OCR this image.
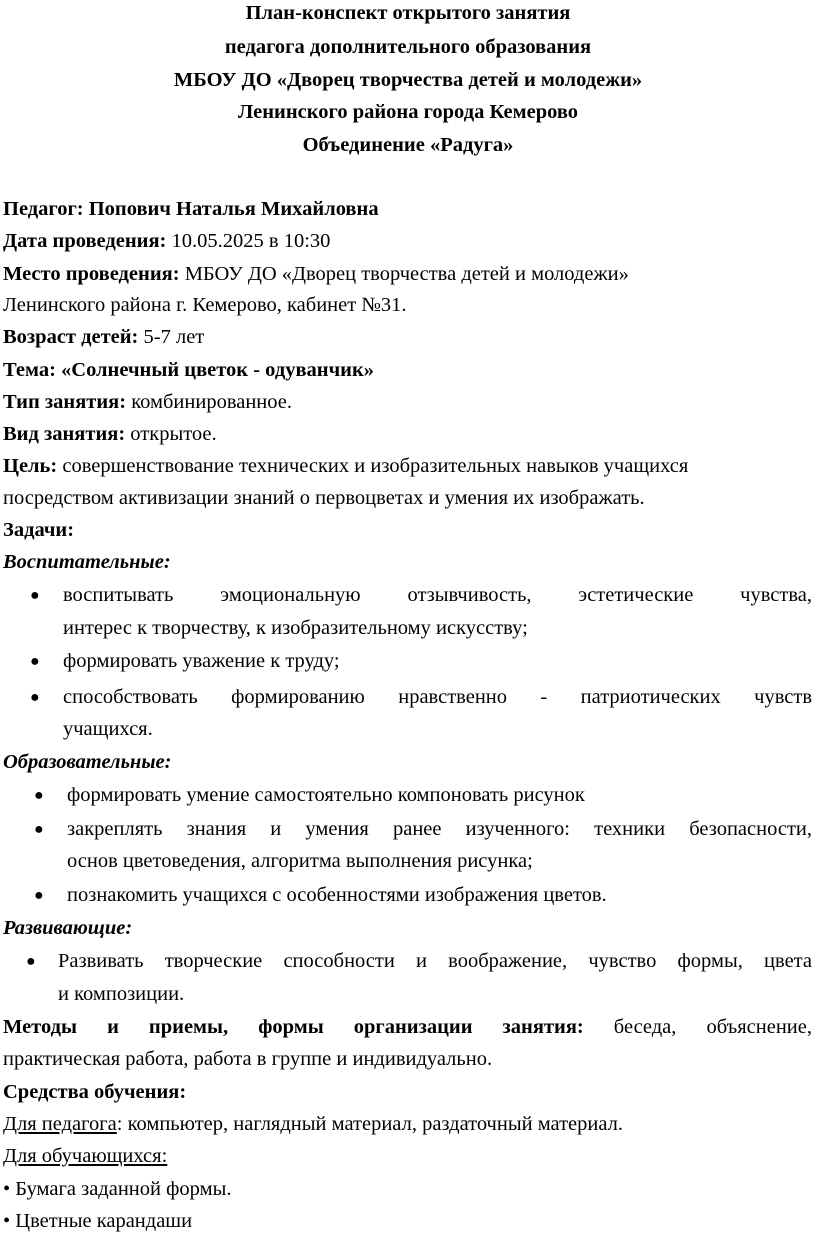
План-конспект открытого занятия
педагога дополнительного образования
МБОУ ДО «Дворец творчества детей и молодежи»
Ленинского района города Кемерово
Объединение «Радуга»
Педагог: Попович Наталья Михайловна
Дата проведения: 10.05.2025 в 10:30
Место проведения: МБОУ ДО «Дворец творчества детей и молодежи»
Ленинского района г. Кемерово, кабинет №31.
Возраст детей: 5-7 лет
Тема: «Солнечный цветок - одуванчик»
Тип занятия: комбинированное.
Вид занятия: открытое.
Цель: совершенствование технических и изобразительных навыков учащихся
посредством активизации знаний о первоцветах и умения их изображать.
Задачи:
Воспитательные:
● воспитывать эмоциональную отзывчивость, эстетические чувства,
интерес к творчеству, к изобразительному искусству;
● формировать уважение к труду;
● способствовать формированию нравственно - патриотических чувств
учащихся.
Образовательные:
● формировать умение самостоятельно компоновать рисунок
● закреплять знания и умения ранее изученного: техники безопасности,
основ цветоведения, алгоритма выполнения рисунка;
● познакомить учащихся с особенностями изображения цветов.
Развивающие:
● Развивать творческие способности и воображение, чувство формы, цвета
и композиции.
Методы и приемы, формы организации занятия: беседа, объяснение,
практическая работа, работа в группе и индивидуально.
Средства обучения:
Для педагога: компьютер, наглядный материал, раздаточный материал.
Для обучающихся:
• Бумага заданной формы.
• Цветные карандаши
